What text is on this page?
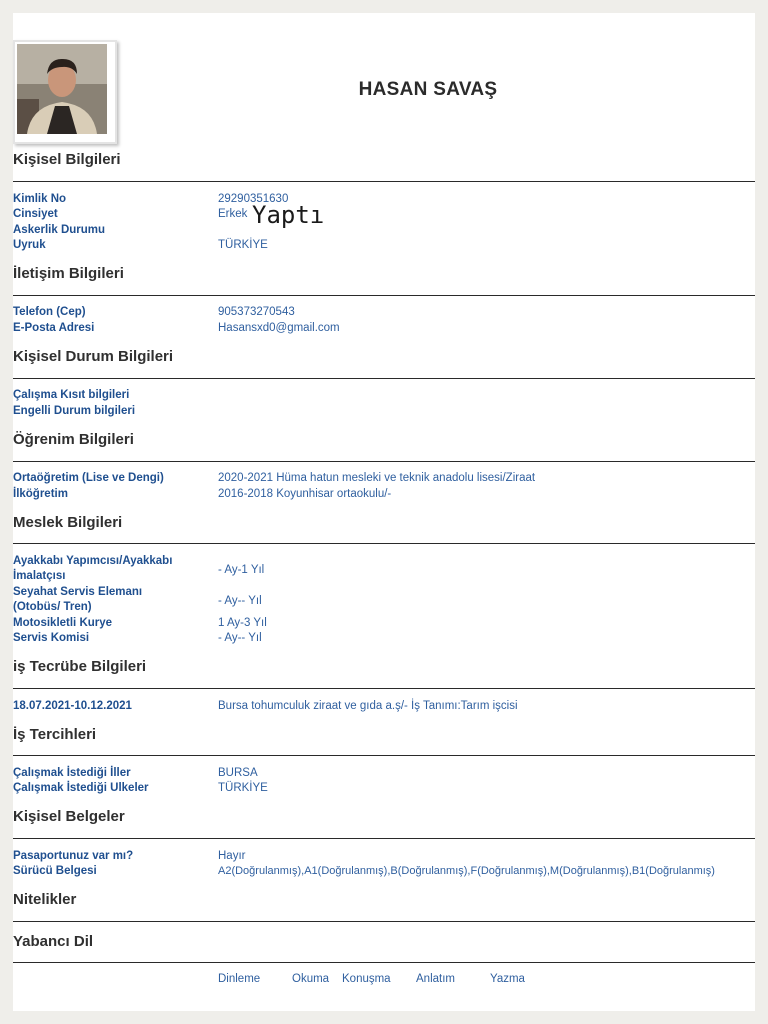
HASAN SAVAŞ
Kişisel Bilgileri
Kimlik No	29290351630
Cinsiyet	Erkek
Askerlik Durumu
Uyruk	TÜRKİYE
İletişim Bilgileri
Telefon (Cep)	905373270543
E-Posta Adresi	Hasansxd0@gmail.com
Kişisel Durum Bilgileri
Çalışma Kısıt bilgileri
Engelli Durum bilgileri
Öğrenim Bilgileri
Ortaöğretim (Lise ve Dengi)	2020-2021 Hüma hatun mesleki ve teknik anadolu lisesi/Ziraat
İlköğretim	2016-2018 Koyunhisar ortaokulu/-
Meslek Bilgileri
Ayakkabı Yapımcısı/Ayakkabı
İmalatçısı	- Ay-1 Yıl
Seyahat Servis Elemanı
(Otobüs/ Tren)	- Ay-- Yıl
Motosikletli Kurye	1 Ay-3 Yıl
Servis Komisi	- Ay-- Yıl
iş Tecrübe Bilgileri
18.07.2021-10.12.2021	Bursa tohumculuk ziraat ve gıda a.ş/- İş Tanımı:Tarım işcisi
İş Tercihleri
Çalışmak İstediği İller	BURSA
Çalışmak İstediği Ulkeler	TÜRKİYE
Kişisel Belgeler
Pasaportunuz var mı?	Hayır
Sürücü Belgesi	A2(Doğrulanmış),A1(Doğrulanmış),B(Doğrulanmış),F(Doğrulanmış),M(Doğrulanmış),B1(Doğrulanmış)
Nitelikler
Yabancı Dil
Dinleme	Okuma Konuşma Anlatım	Yazma
Yaptı
